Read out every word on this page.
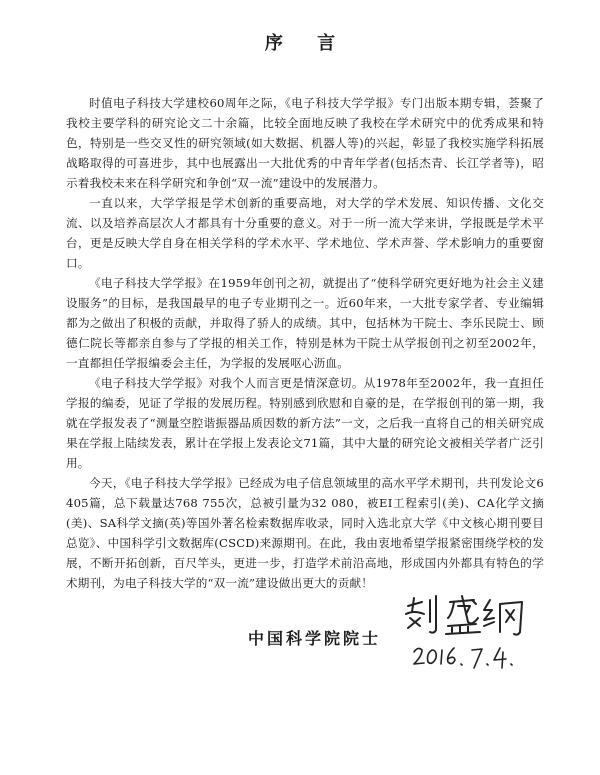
序 言

时值电子科技大学建校60周年之际，《电子科技大学学报》专门出版本期专辑，荟聚了我校主要学科的研究论文二十余篇，比较全面地反映了我校在学术研究中的优秀成果和特色，特别是一些交叉性的研究领域(如大数据、机器人等)的兴起，彰显了我校实施学科拓展战略取得的可喜进步，其中也展露出一大批优秀的中青年学者(包括杰青、长江学者等)，昭示着我校未来在科学研究和争创“双一流”建设中的发展潜力。

一直以来，大学学报是学术创新的重要高地，对大学的学术发展、知识传播、文化交流、以及培养高层次人才都具有十分重要的意义。对于一所一流大学来讲，学报既是学术平台，更是反映大学自身在相关学科的学术水平、学术地位、学术声誉、学术影响力的重要窗口。

《电子科技大学学报》在1959年创刊之初，就提出了“使科学研究更好地为社会主义建设服务”的目标，是我国最早的电子专业期刊之一。近60年来，一大批专家学者、专业编辑都为之做出了积极的贡献，并取得了骄人的成绩。其中，包括林为干院士、李乐民院士、顾德仁院长等都亲自参与了学报的相关工作，特别是林为干院士从学报创刊之初至2002年，一直都担任学报编委会主任，为学报的发展呕心沥血。

《电子科技大学学报》对我个人而言更是情深意切。从1978年至2002年，我一直担任学报的编委，见证了学报的发展历程。特别感到欣慰和自豪的是，在学报创刊的第一期，我就在学报发表了“测量空腔谐振器品质因数的新方法”一文，之后我一直将自己的相关研究成果在学报上陆续发表，累计在学报上发表论文71篇，其中大量的研究论文被相关学者广泛引用。

今天，《电子科技大学学报》已经成为电子信息领域里的高水平学术期刊，共刊发论文6 405篇，总下载量达768 755次，总被引量为32 080，被EI工程索引(美)、CA化学文摘(美)、SA科学文摘(英)等国外著名检索数据库收录，同时入选北京大学《中文核心期刊要目总览》、中国科学引文数据库(CSCD)来源期刊。在此，我由衷地希望学报紧密围绕学校的发展，不断开拓创新，百尺竿头，更进一步，打造学术前沿高地，形成国内外都具有特色的学术期刊，为电子科技大学的“双一流”建设做出更大的贡献！

中国科学院院士
